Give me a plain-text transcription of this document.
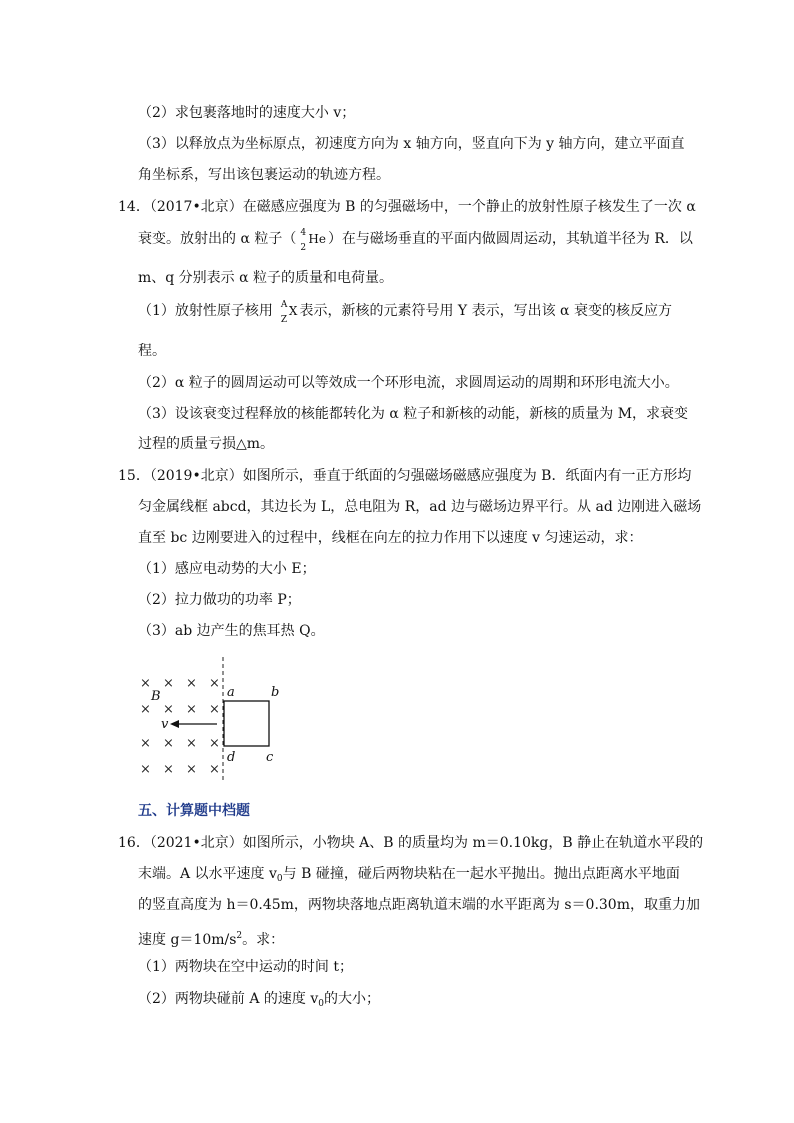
（2）求包裹落地时的速度大小 v；
（3）以释放点为坐标原点，初速度方向为 x 轴方向，竖直向下为 y 轴方向，建立平面直
角坐标系，写出该包裹运动的轨迹方程。
14．（2017•北京）在磁感应强度为 B 的匀强磁场中，一个静止的放射性原子核发生了一次 α
衰变。放射出的 α 粒子（ 4
2
He ）在与磁场垂直的平面内做圆周运动，其轨道半径为 R．以
m、q 分别表示 α 粒子的质量和电荷量。
（1）放射性原子核用 A
Z
X 表示，新核的元素符号用 Y 表示，写出该 α 衰变的核反应方
程。
（2）α 粒子的圆周运动可以等效成一个环形电流，求圆周运动的周期和环形电流大小。
（3）设该衰变过程释放的核能都转化为 α 粒子和新核的动能，新核的质量为 M，求衰变
过程的质量亏损△m。
15．（2019•北京）如图所示，垂直于纸面的匀强磁场磁感应强度为 B．纸面内有一正方形均
匀金属线框 abcd，其边长为 L，总电阻为 R，ad 边与磁场边界平行。从 ad 边刚进入磁场
直至 bc 边刚要进入的过程中，线框在向左的拉力作用下以速度 v 匀速运动，求：
（1）感应电动势的大小 E；
（2）拉力做功的功率 P；
（3）ab 边产生的焦耳热 Q。
× × × ×
× × × ×
× × × ×
× × × ×
B
v
a	b
d c
五、计算题中档题
16．（2021•北京）如图所示，小物块 A、B 的质量均为 m＝0.10kg，B 静止在轨道水平段的
末端。A 以水平速度 $v_0$与 B 碰撞，碰后两物块粘在一起水平抛出。抛出点距离水平地面
的竖直高度为 h＝0.45m，两物块落地点距离轨道末端的水平距离为 s＝0.30m，取重力加
速度 $g=10m/s^2$。求：
（1）两物块在空中运动的时间 t；
（2）两物块碰前 A 的速度 $v_0$的大小；
